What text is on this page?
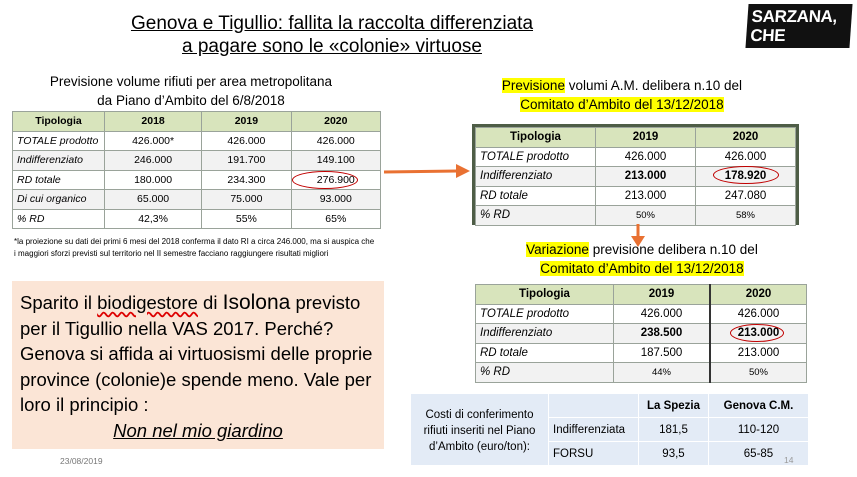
Genova e Tigullio: fallita la raccolta differenziata
a pagare sono le «colonie» virtuose
SARZANA,
CHE BOTTA!
Previsione volume rifiuti per area metropolitana
da Piano d’Ambito del 6/8/2018
Tipologia	2018	2019	2020
TOTALE prodotto	426.000*	426.000	426.000
Indifferenziato	246.000	191.700	149.100
RD totale	180.000	234.300	276.900
Di cui organico	65.000	75.000	93.000
% RD	42,3%	55%	65%
*la proiezione su dati dei primi 6 mesi del 2018 conferma il dato RI a circa 246.000, ma si auspica che i maggiori sforzi previsti sul territorio nel II semestre facciano raggiungere risultati migliori
Previsione volumi A.M. delibera n.10 del
Comitato d’Ambito del 13/12/2018
Tipologia	2019	2020
TOTALE prodotto	426.000	426.000
Indifferenziato	213.000	178.920
RD totale	213.000	247.080
% RD	50%	58%
Variazione previsione delibera n.10 del
Comitato d’Ambito del 13/12/2018
Tipologia	2019	2020
TOTALE prodotto	426.000	426.000
Indifferenziato	238.500	213.000
RD totale	187.500	213.000
% RD	44%	50%
Sparito il biodigestore di Isolona previsto per il Tigullio nella VAS 2017. Perché? Genova si affida ai virtuosismi delle proprie province (colonie)e spende meno. Vale per loro il principio :
Non nel mio giardino
Costi di conferimento rifiuti inseriti nel Piano d’Ambito (euro/ton):		La Spezia	Genova C.M.
	Indifferenziata	181,5	110-120
	FORSU	93,5	65-85
23/08/2019	14
